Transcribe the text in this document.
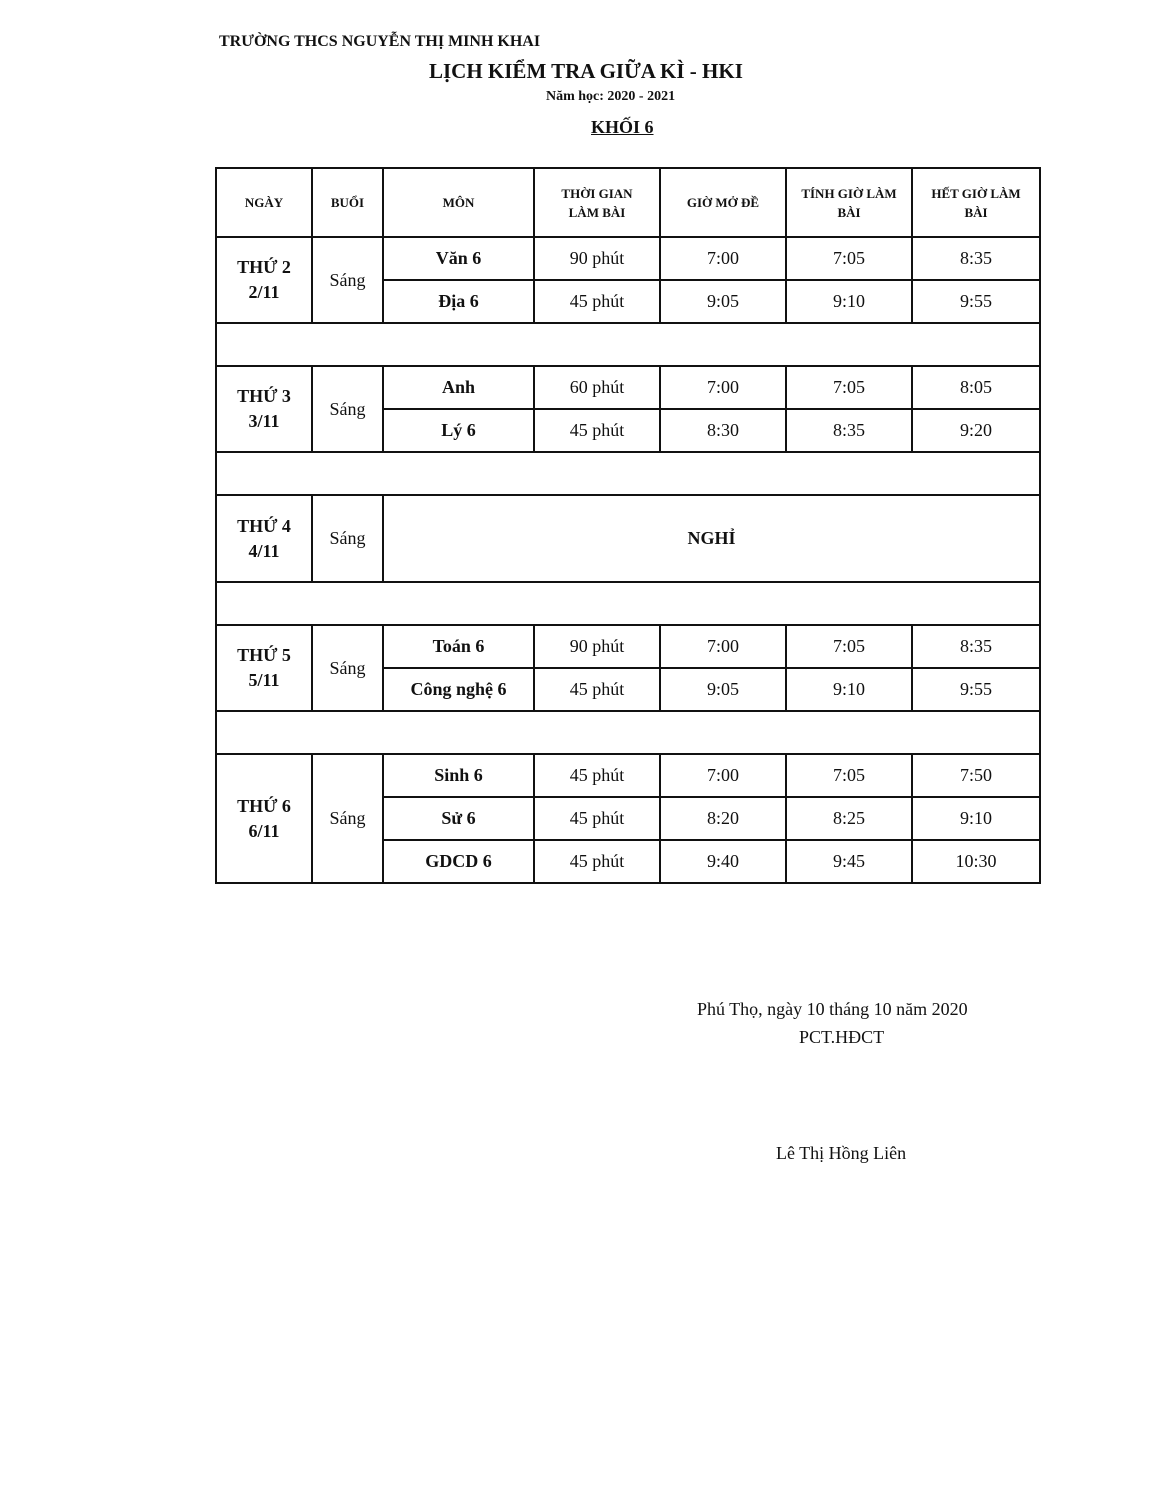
TRƯỜNG THCS NGUYỄN THỊ MINH KHAI
LỊCH KIỂM TRA GIỮA KÌ - HKI
Năm học: 2020 - 2021
KHỐI 6
NGÀY	BUỔI	MÔN	THỜI GIAN LÀM BÀI	GIỜ MỞ ĐỀ	TÍNH GIỜ LÀM BÀI	HẾT GIỜ LÀM BÀI

THỨ 2
2/11	Sáng	Văn 6	90 phút	7:00	7:05	8:35
		Địa 6	45 phút	9:05	9:10	9:55

THỨ 3
3/11	Sáng	Anh	60 phút	7:00	7:05	8:05
		Lý 6	45 phút	8:30	8:35	9:20

THỨ 4
4/11	Sáng	NGHỈ				

THỨ 5
5/11	Sáng	Toán 6	90 phút	7:00	7:05	8:35
		Công nghệ 6	45 phút	9:05	9:10	9:55

THỨ 6
6/11	Sáng	Sinh 6	45 phút	7:00	7:05	7:50
		Sử 6	45 phút	8:20	8:25	9:10
		GDCD 6	45 phút	9:40	9:45	10:30
Phú Thọ, ngày 10 tháng 10 năm 2020
PCT.HĐCT
Lê Thị Hồng Liên
